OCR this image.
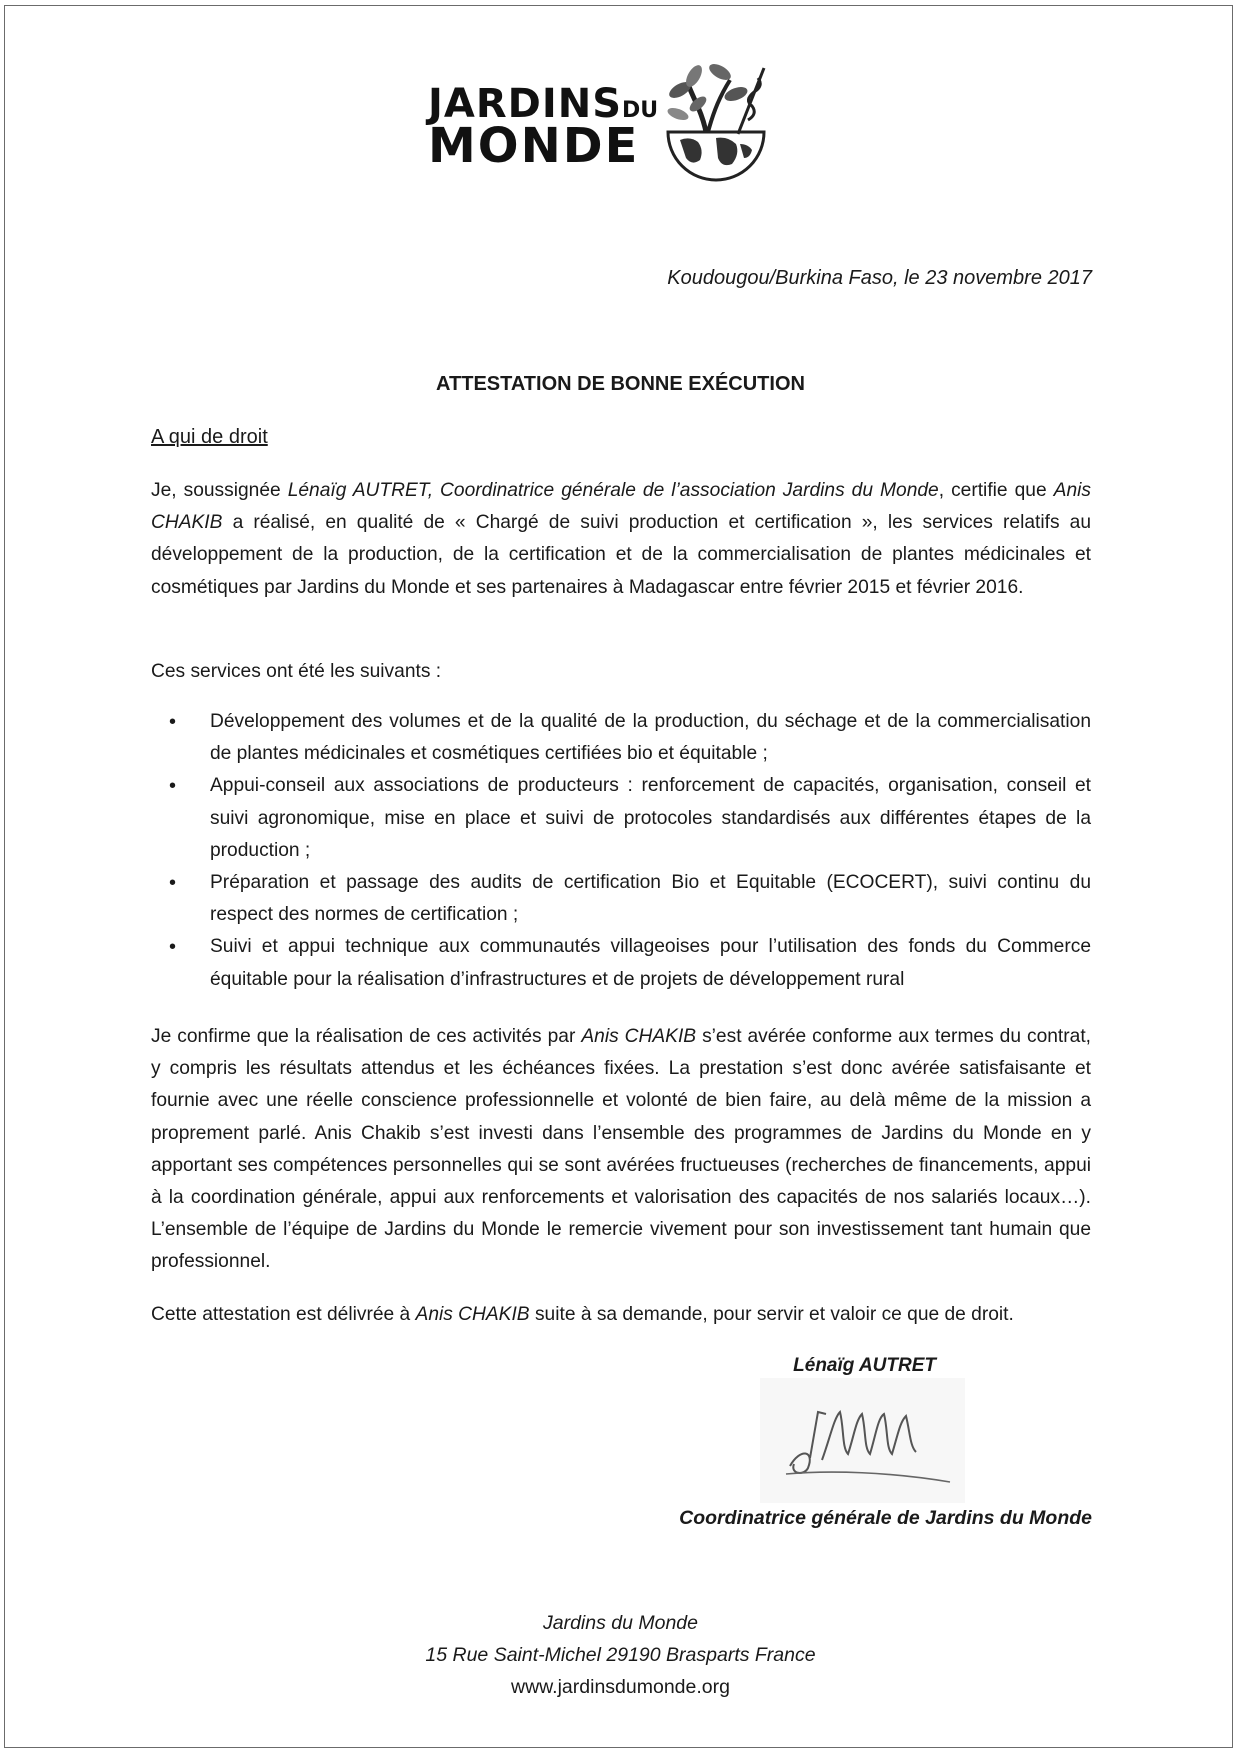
JARDINSDU
MONDE
Koudougou/Burkina Faso, le 23 novembre 2017
ATTESTATION DE BONNE EXÉCUTION
A qui de droit
Je, soussignée Lénaïg AUTRET, Coordinatrice générale de l’association Jardins du Monde, certifie que Anis CHAKIB a réalisé, en qualité de « Chargé de suivi production et certification », les services relatifs au développement de la production, de la certification et de la commercialisation de plantes médicinales et cosmétiques par Jardins du Monde et ses partenaires à Madagascar entre février 2015 et février 2016.
Ces services ont été les suivants :
• Développement des volumes et de la qualité de la production, du séchage et de la commercialisation de plantes médicinales et cosmétiques certifiées bio et équitable ;
• Appui-conseil aux associations de producteurs : renforcement de capacités, organisation, conseil et suivi agronomique, mise en place et suivi de protocoles standardisés aux différentes étapes de la production ;
• Préparation et passage des audits de certification Bio et Equitable (ECOCERT), suivi continu du respect des normes de certification ;
• Suivi et appui technique aux communautés villageoises pour l’utilisation des fonds du Commerce équitable pour la réalisation d’infrastructures et de projets de développement rural
Je confirme que la réalisation de ces activités par Anis CHAKIB s’est avérée conforme aux termes du contrat, y compris les résultats attendus et les échéances fixées. La prestation s’est donc avérée satisfaisante et fournie avec une réelle conscience professionnelle et volonté de bien faire, au delà même de la mission a proprement parlé. Anis Chakib s’est investi dans l’ensemble des programmes de Jardins du Monde en y apportant ses compétences personnelles qui se sont avérées fructueuses (recherches de financements, appui à la coordination générale, appui aux renforcements et valorisation des capacités de nos salariés locaux…). L’ensemble de l’équipe de Jardins du Monde le remercie vivement pour son investissement tant humain que professionnel.
Cette attestation est délivrée à Anis CHAKIB suite à sa demande, pour servir et valoir ce que de droit.
Lénaïg AUTRET
Coordinatrice générale de Jardins du Monde
Jardins du Monde
15 Rue Saint-Michel 29190 Brasparts France
www.jardinsdumonde.org
